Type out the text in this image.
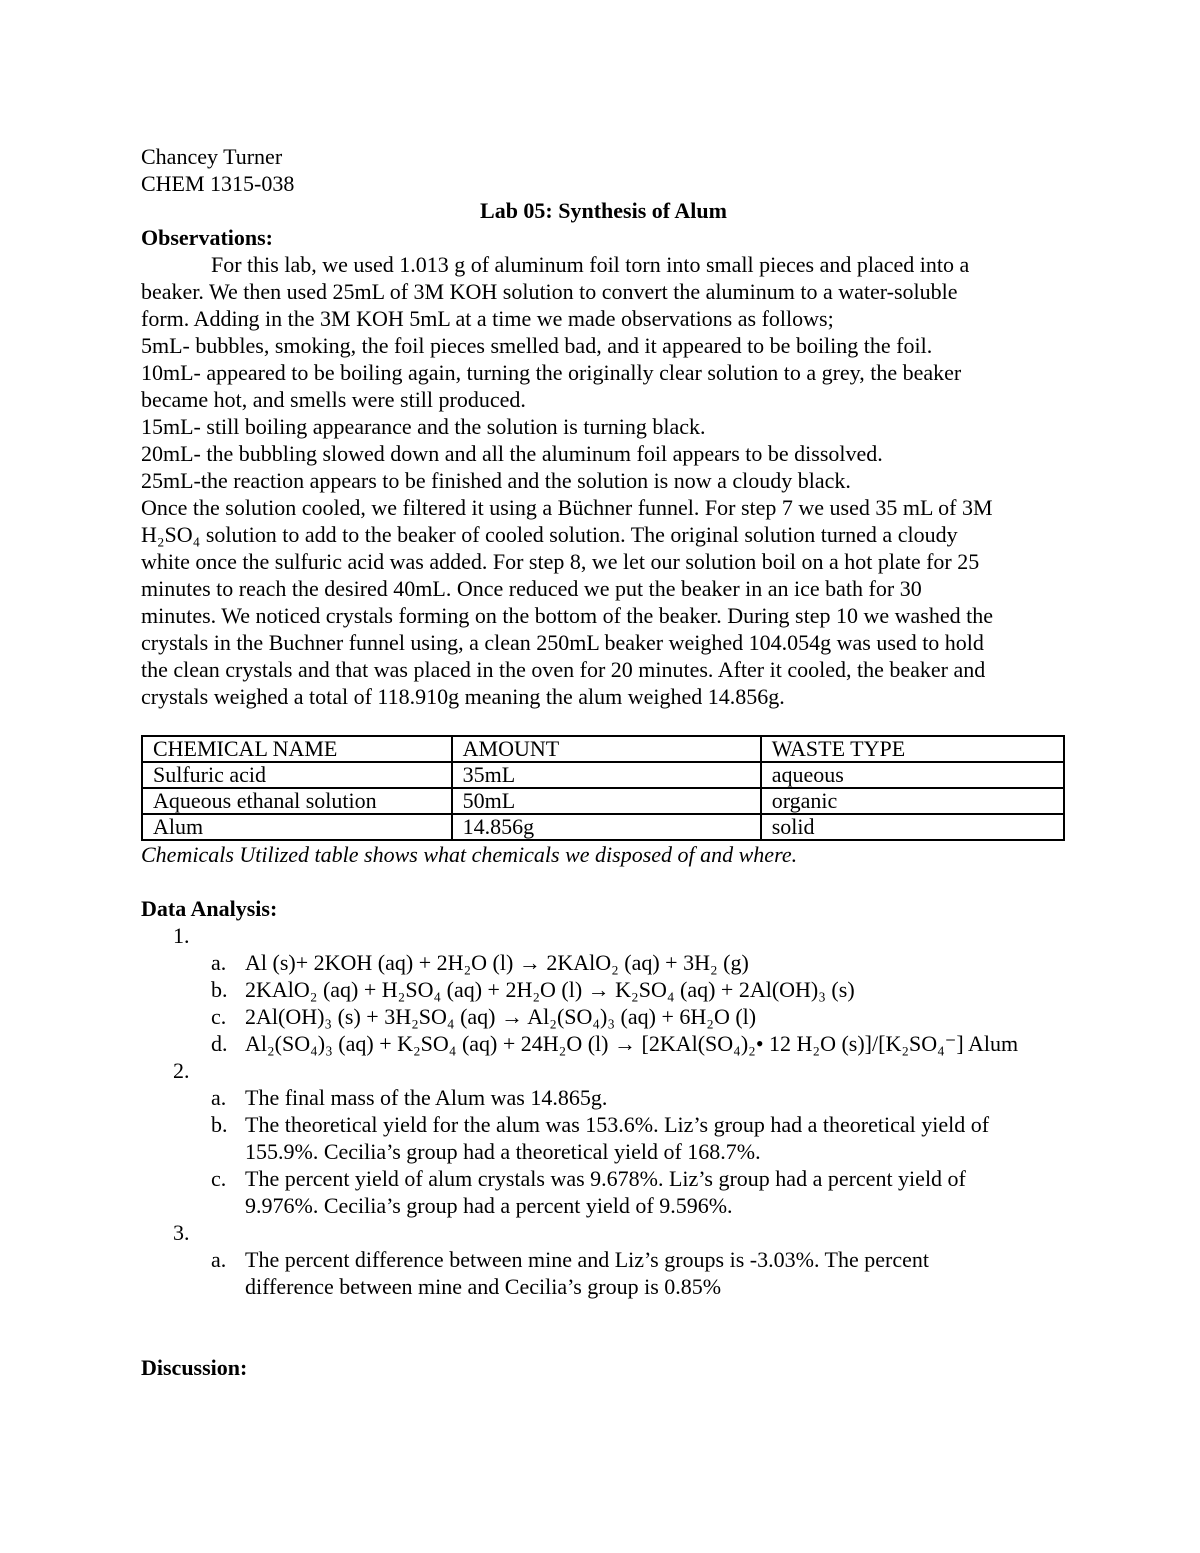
Chancey Turner
CHEM 1315-038
Lab 05: Synthesis of Alum
Observations:
For this lab, we used 1.013 g of aluminum foil torn into small pieces and placed into a
beaker. We then used 25mL of 3M KOH solution to convert the aluminum to a water-soluble
form. Adding in the 3M KOH 5mL at a time we made observations as follows;
5mL- bubbles, smoking, the foil pieces smelled bad, and it appeared to be boiling the foil.
10mL- appeared to be boiling again, turning the originally clear solution to a grey, the beaker
became hot, and smells were still produced.
15mL- still boiling appearance and the solution is turning black.
20mL- the bubbling slowed down and all the aluminum foil appears to be dissolved.
25mL-the reaction appears to be finished and the solution is now a cloudy black.
Once the solution cooled, we filtered it using a Büchner funnel. For step 7 we used 35 mL of 3M
H₂SO₄ solution to add to the beaker of cooled solution. The original solution turned a cloudy
white once the sulfuric acid was added. For step 8, we let our solution boil on a hot plate for 25
minutes to reach the desired 40mL. Once reduced we put the beaker in an ice bath for 30
minutes. We noticed crystals forming on the bottom of the beaker. During step 10 we washed the
crystals in the Buchner funnel using, a clean 250mL beaker weighed 104.054g was used to hold
the clean crystals and that was placed in the oven for 20 minutes. After it cooled, the beaker and
crystals weighed a total of 118.910g meaning the alum weighed 14.856g.
CHEMICAL NAME	AMOUNT	WASTE TYPE
Sulfuric acid	35mL	aqueous
Aqueous ethanal solution	50mL	organic
Alum	14.856g	solid
Chemicals Utilized table shows what chemicals we disposed of and where.
Data Analysis:
1.
a. Al (s)+ 2KOH (aq) + 2H₂O (l) → 2KAlO₂ (aq) + 3H₂ (g)
b. 2KAlO₂ (aq) + H₂SO₄ (aq) + 2H₂O (l) → K₂SO₄ (aq) + 2Al(OH)₃ (s)
c. 2Al(OH)₃ (s) + 3H₂SO₄ (aq) → Al₂(SO₄)₃ (aq) + 6H₂O (l)
d. Al₂(SO₄)₃ (aq) + K₂SO₄ (aq) + 24H₂O (l) → [2KAl(SO₄)₂• 12 H₂O (s)]/[K₂SO₄⁻] Alum
2.
a. The final mass of the Alum was 14.865g.
b. The theoretical yield for the alum was 153.6%. Liz’s group had a theoretical yield of
155.9%. Cecilia’s group had a theoretical yield of 168.7%.
c. The percent yield of alum crystals was 9.678%. Liz’s group had a percent yield of
9.976%. Cecilia’s group had a percent yield of 9.596%.
3.
a. The percent difference between mine and Liz’s groups is -3.03%. The percent
difference between mine and Cecilia’s group is 0.85%
Discussion:
